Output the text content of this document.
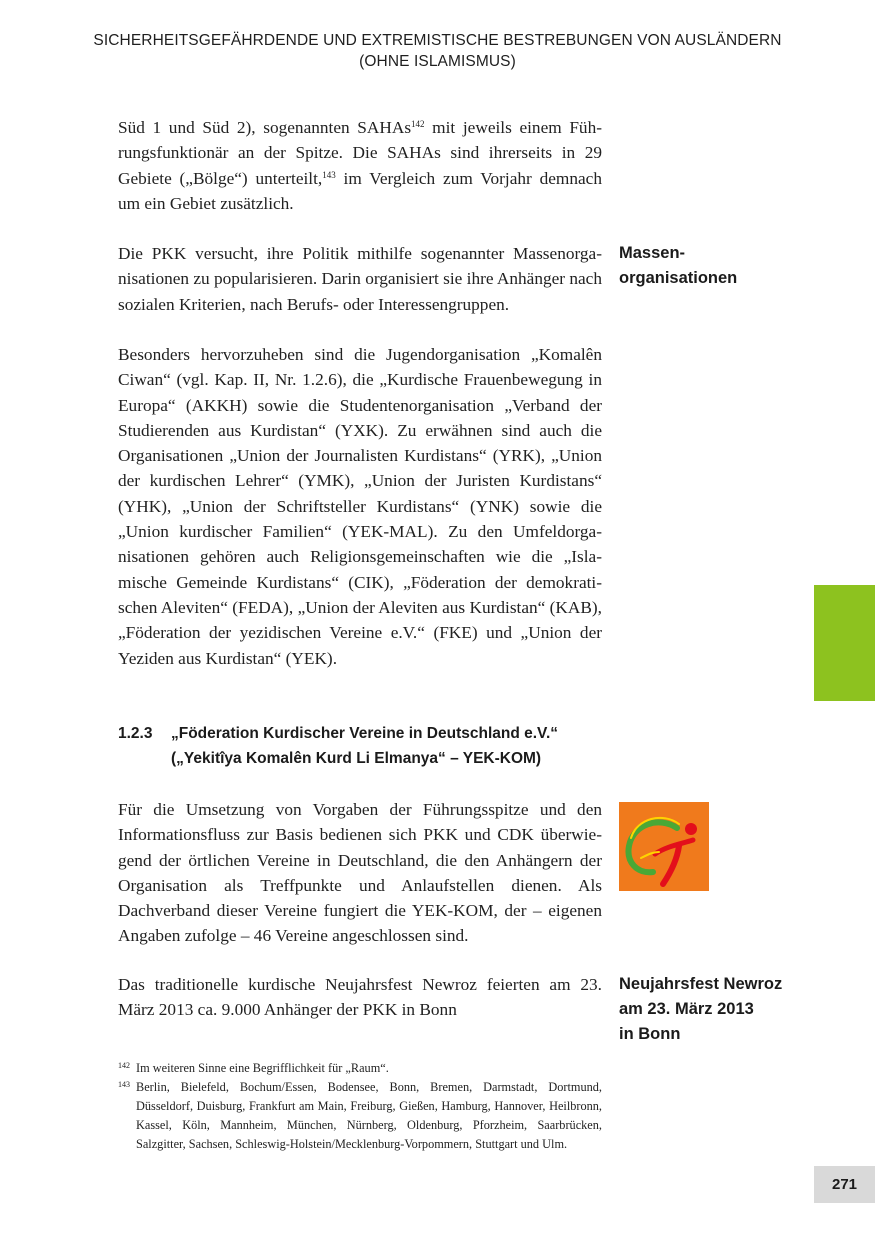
SICHERHEITSGEFÄHRDENDE UND EXTREMISTISCHE BESTREBUNGEN VON AUSLÄNDERN
(OHNE ISLAMISMUS)

Süd 1 und Süd 2), sogenannten SAHAs$^{142}$ mit jeweils einem Führungsfunktionär an der Spitze. Die SAHAs sind ihrerseits in 29 Gebiete („Bölge“) unterteilt,$^{143}$ im Vergleich zum Vorjahr demnach um ein Gebiet zusätzlich.

Die PKK versucht, ihre Politik mithilfe sogenannter Massenorganisationen zu popularisieren. Darin organisiert sie ihre Anhänger nach sozialen Kriterien, nach Berufs- oder Interessengruppen.

Massen-
organisationen

Besonders hervorzuheben sind die Jugendorganisation „Komalên Ciwan“ (vgl. Kap. II, Nr. 1.2.6), die „Kurdische Frauenbewegung in Europa“ (AKKH) sowie die Studentenorganisation „Verband der Studierenden aus Kurdistan“ (YXK). Zu erwähnen sind auch die Organisationen „Union der Journalisten Kurdistans“ (YRK), „Union der kurdischen Lehrer“ (YMK), „Union der Juristen Kurdistans“ (YHK), „Union der Schriftsteller Kurdistans“ (YNK) sowie die „Union kurdischer Familien“ (YEK-MAL). Zu den Umfeldorganisationen gehören auch Religionsgemeinschaften wie die „Islamische Gemeinde Kurdistans“ (CIK), „Föderation der demokratischen Aleviten“ (FEDA), „Union der Aleviten aus Kurdistan“ (KAB), „Föderation der yezidischen Vereine e.V.“ (FKE) und „Union der Yeziden aus Kurdistan“ (YEK).

1.2.3 „Föderation Kurdischer Vereine in Deutschland e.V.“
(„Yekitîya Komalên Kurd Li Elmanya“ – YEK-KOM)

Für die Umsetzung von Vorgaben der Führungsspitze und den Informationsfluss zur Basis bedienen sich PKK und CDK überwiegend der örtlichen Vereine in Deutschland, die den Anhängern der Organisation als Treffpunkte und Anlaufstellen dienen. Als Dachverband dieser Vereine fungiert die YEK-KOM, der – eigenen Angaben zufolge – 46 Vereine angeschlossen sind.

Das traditionelle kurdische Neujahrsfest Newroz feierten am 23. März 2013 ca. 9.000 Anhänger der PKK in Bonn

Neujahrsfest Newroz
am 23. März 2013
in Bonn
142 Im weiteren Sinne eine Begrifflichkeit für „Raum“.
143 Berlin, Bielefeld, Bochum/Essen, Bodensee, Bonn, Bremen, Darmstadt, Dortmund, Düsseldorf, Duisburg, Frankfurt am Main, Freiburg, Gießen, Hamburg, Hannover, Heilbronn, Kassel, Köln, Mannheim, München, Nürnberg, Oldenburg, Pforzheim, Saarbrücken, Salzgitter, Sachsen, Schleswig-Holstein/Mecklenburg-Vorpommern, Stuttgart und Ulm.
271
